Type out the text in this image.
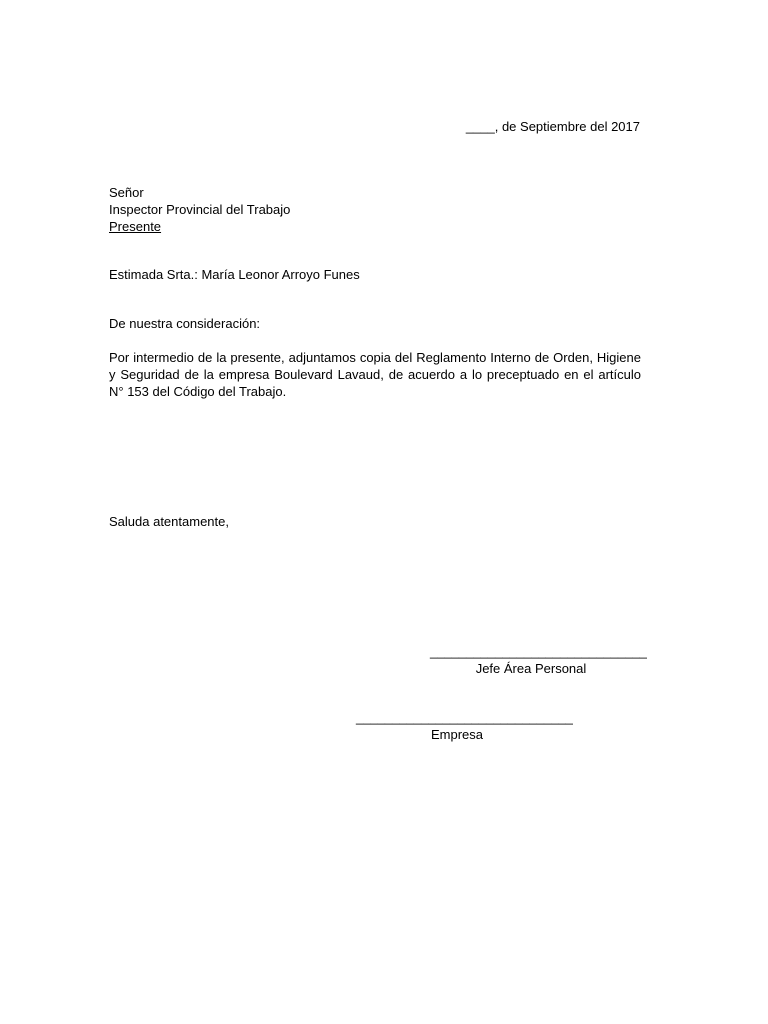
____, de Septiembre del 2017
Señor
Inspector Provincial del Trabajo
Presente
Estimada Srta.: María Leonor Arroyo Funes
De nuestra consideración:
Por intermedio de la presente, adjuntamos copia del Reglamento Interno de Orden, Higiene y Seguridad de la empresa Boulevard Lavaud, de acuerdo a lo preceptuado en el artículo N° 153 del Código del Trabajo.
Saluda atentamente,
______________________________
Jefe Área Personal
______________________________
Empresa
